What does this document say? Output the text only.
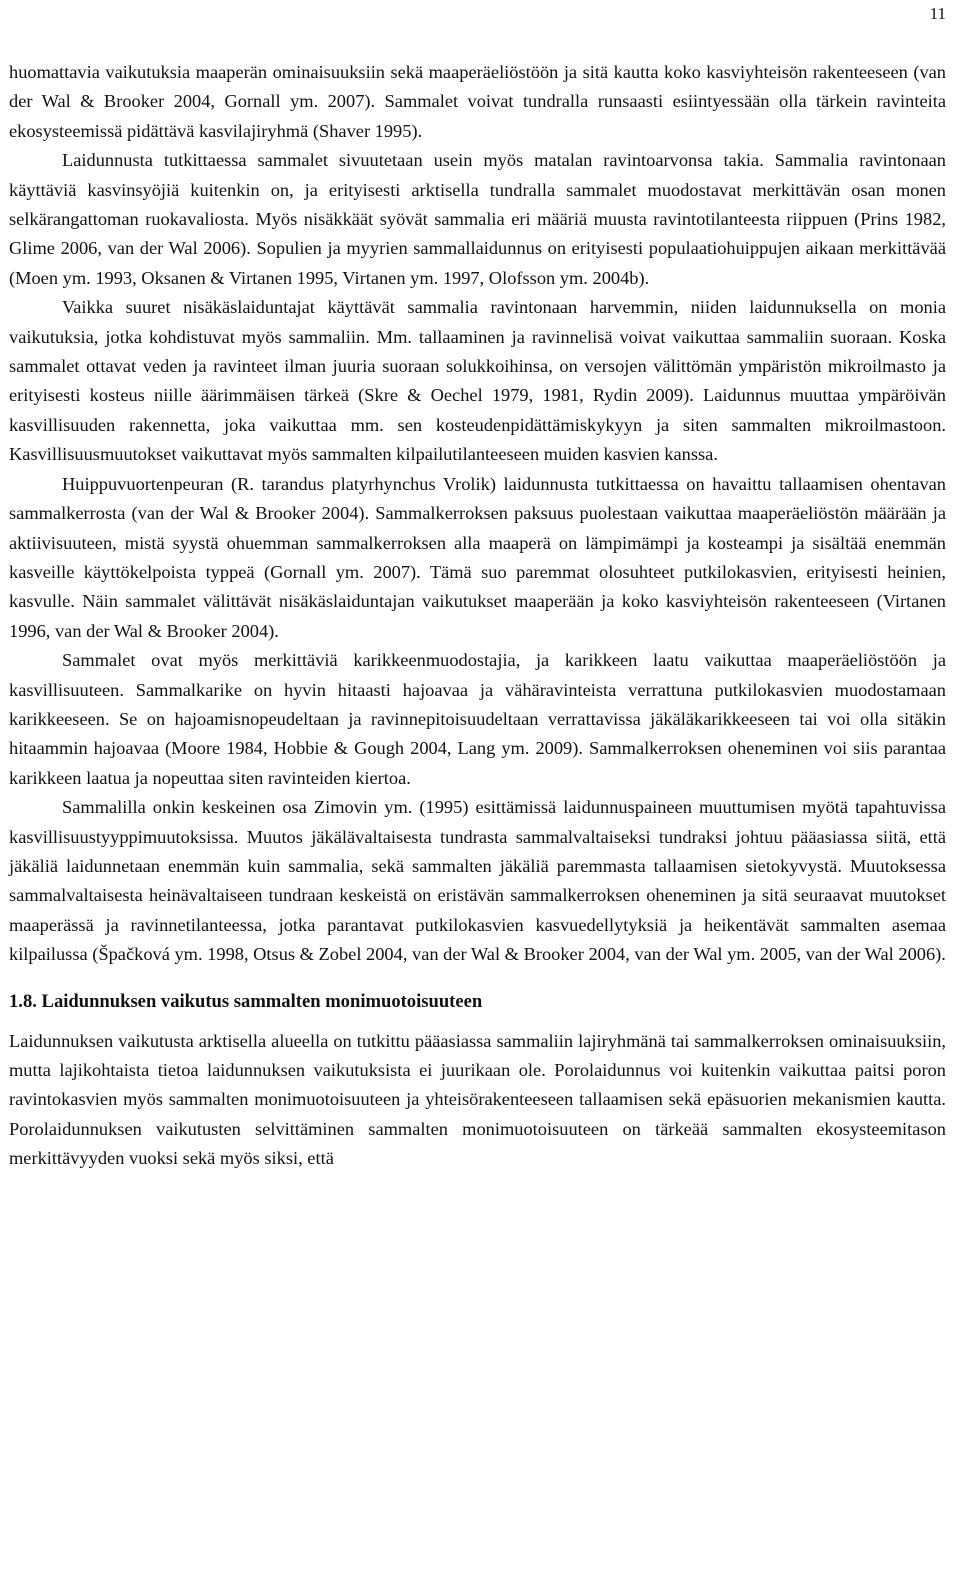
11

huomattavia vaikutuksia maaperän ominaisuuksiin sekä maaperäeliöstöön ja sitä kautta koko kasviyhteisön rakenteeseen (van der Wal & Brooker 2004, Gornall ym. 2007). Sammalet voivat tundralla runsaasti esiintyessään olla tärkein ravinteita ekosysteemissä pidättävä kasvilajiryhmä (Shaver 1995).

Laidunnusta tutkittaessa sammalet sivuutetaan usein myös matalan ravintoarvonsa takia. Sammalia ravintonaan käyttäviä kasvinsyöjiä kuitenkin on, ja erityisesti arktisella tundralla sammalet muodostavat merkittävän osan monen selkärangattoman ruokavaliosta. Myös nisäkkäät syövät sammalia eri määriä muusta ravintotilanteesta riippuen (Prins 1982, Glime 2006, van der Wal 2006). Sopulien ja myyrien sammallaidunnus on erityisesti populaatiohuippujen aikaan merkittävää (Moen ym. 1993, Oksanen & Virtanen 1995, Virtanen ym. 1997, Olofsson ym. 2004b).

Vaikka suuret nisäkäslaiduntajat käyttävät sammalia ravintonaan harvemmin, niiden laidunnuksella on monia vaikutuksia, jotka kohdistuvat myös sammaliin. Mm. tallaaminen ja ravinnelisä voivat vaikuttaa sammaliin suoraan. Koska sammalet ottavat veden ja ravinteet ilman juuria suoraan solukkoihinsa, on versojen välittömän ympäristön mikroilmasto ja erityisesti kosteus niille äärimmäisen tärkeä (Skre & Oechel 1979, 1981, Rydin 2009). Laidunnus muuttaa ympäröivän kasvillisuuden rakennetta, joka vaikuttaa mm. sen kosteudenpidättämiskykyyn ja siten sammalten mikroilmastoon. Kasvillisuusmuutokset vaikuttavat myös sammalten kilpailutilanteeseen muiden kasvien kanssa.

Huippuvuortenpeuran (R. tarandus platyrhynchus Vrolik) laidunnusta tutkittaessa on havaittu tallaamisen ohentavan sammalkerrosta (van der Wal & Brooker 2004). Sammalkerroksen paksuus puolestaan vaikuttaa maaperäeliöstön määrään ja aktiivisuuteen, mistä syystä ohuemman sammalkerroksen alla maaperä on lämpimämpi ja kosteampi ja sisältää enemmän kasveille käyttökelpoista typpeä (Gornall ym. 2007). Tämä suo paremmat olosuhteet putkilokasvien, erityisesti heinien, kasvulle. Näin sammalet välittävät nisäkäslaiduntajan vaikutukset maaperään ja koko kasviyhteisön rakenteeseen (Virtanen 1996, van der Wal & Brooker 2004).

Sammalet ovat myös merkittäviä karikkeenmuodostajia, ja karikkeen laatu vaikuttaa maaperäeliöstöön ja kasvillisuuteen. Sammalkarike on hyvin hitaasti hajoavaa ja vähäravinteista verrattuna putkilokasvien muodostamaan karikkeeseen. Se on hajoamisnopeudeltaan ja ravinnepitoisuudeltaan verrattavissa jäkäläkarikkeeseen tai voi olla sitäkin hitaammin hajoavaa (Moore 1984, Hobbie & Gough 2004, Lang ym. 2009). Sammalkerroksen oheneminen voi siis parantaa karikkeen laatua ja nopeuttaa siten ravinteiden kiertoa.

Sammalilla onkin keskeinen osa Zimovin ym. (1995) esittämissä laidunnuspaineen muuttumisen myötä tapahtuvissa kasvillisuustyyppimuutoksissa. Muutos jäkälävaltaisesta tundrasta sammalvaltaiseksi tundraksi johtuu pääasiassa siitä, että jäkäliä laidunnetaan enemmän kuin sammalia, sekä sammalten jäkäliä paremmasta tallaamisen sietokyvystä. Muutoksessa sammalvaltaisesta heinävaltaiseen tundraan keskeistä on eristävän sammalkerroksen oheneminen ja sitä seuraavat muutokset maaperässä ja ravinnetilanteessa, jotka parantavat putkilokasvien kasvuedellytyksiä ja heikentävät sammalten asemaa kilpailussa (Špačková ym. 1998, Otsus & Zobel 2004, van der Wal & Brooker 2004, van der Wal ym. 2005, van der Wal 2006).

1.8. Laidunnuksen vaikutus sammalten monimuotoisuuteen

Laidunnuksen vaikutusta arktisella alueella on tutkittu pääasiassa sammaliin lajiryhmänä tai sammalkerroksen ominaisuuksiin, mutta lajikohtaista tietoa laidunnuksen vaikutuksista ei juurikaan ole. Porolaidunnus voi kuitenkin vaikuttaa paitsi poron ravintokasvien myös sammalten monimuotoisuuteen ja yhteisörakenteeseen tallaamisen sekä epäsuorien mekanismien kautta. Porolaidunnuksen vaikutusten selvittäminen sammalten monimuotoisuuteen on tärkeää sammalten ekosysteemitason merkittävyyden vuoksi sekä myös siksi, että
